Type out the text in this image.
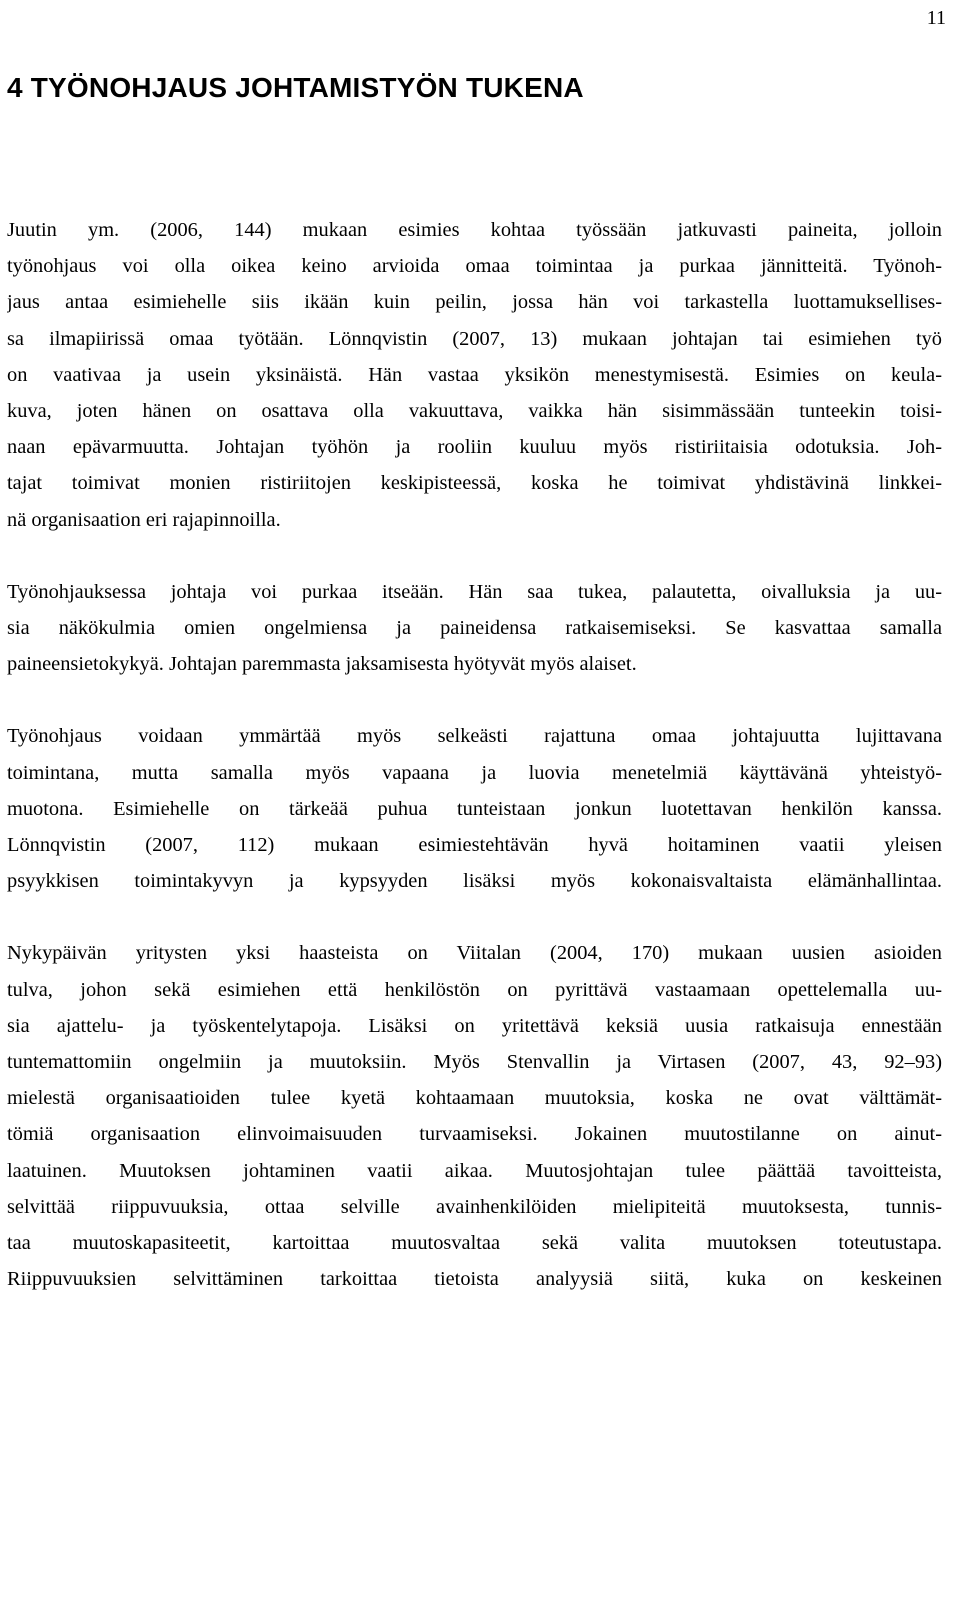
11
4 TYÖNOHJAUS JOHTAMISTYÖN TUKENA

Juutin ym. (2006, 144) mukaan esimies kohtaa työssään jatkuvasti paineita, jolloin
työnohjaus voi olla oikea keino arvioida omaa toimintaa ja purkaa jännitteitä. Työnoh-
jaus antaa esimiehelle siis ikään kuin peilin, jossa hän voi tarkastella luottamuksellises-
sa ilmapiirissä omaa työtään. Lönnqvistin (2007, 13) mukaan johtajan tai esimiehen työ
on vaativaa ja usein yksinäistä. Hän vastaa yksikön menestymisestä. Esimies on keula-
kuva, joten hänen on osattava olla vakuuttava, vaikka hän sisimmässään tunteekin toisi-
naan epävarmuutta. Johtajan työhön ja rooliin kuuluu myös ristiriitaisia odotuksia. Joh-
tajat toimivat monien ristiriitojen keskipisteessä, koska he toimivat yhdistävinä linkkei-
nä organisaation eri rajapinnoilla.

Työnohjauksessa johtaja voi purkaa itseään. Hän saa tukea, palautetta, oivalluksia ja uu-
sia näkökulmia omien ongelmiensa ja paineidensa ratkaisemiseksi. Se kasvattaa samalla
paineensietokykyä. Johtajan paremmasta jaksamisesta hyötyvät myös alaiset.

Työnohjaus voidaan ymmärtää myös selkeästi rajattuna omaa johtajuutta lujittavana
toimintana, mutta samalla myös vapaana ja luovia menetelmiä käyttävänä yhteistyö-
muotona. Esimiehelle on tärkeää puhua tunteistaan jonkun luotettavan henkilön kanssa.
Lönnqvistin (2007, 112) mukaan esimiestehtävän hyvä hoitaminen vaatii yleisen
psyykkisen toimintakyvyn ja kypsyyden lisäksi myös kokonaisvaltaista elämänhallintaa.

Nykypäivän yritysten yksi haasteista on Viitalan (2004, 170) mukaan uusien asioiden
tulva, johon sekä esimiehen että henkilöstön on pyrittävä vastaamaan opettelemalla uu-
sia ajattelu- ja työskentelytapoja. Lisäksi on yritettävä keksiä uusia ratkaisuja ennestään
tuntemattomiin ongelmiin ja muutoksiin. Myös Stenvallin ja Virtasen (2007, 43, 92–93)
mielestä organisaatioiden tulee kyetä kohtaamaan muutoksia, koska ne ovat välttämät-
tömiä organisaation elinvoimaisuuden turvaamiseksi. Jokainen muutostilanne on ainut-
laatuinen. Muutoksen johtaminen vaatii aikaa. Muutosjohtajan tulee päättää tavoitteista,
selvittää riippuvuuksia, ottaa selville avainhenkilöiden mielipiteitä muutoksesta, tunnis-
taa muutoskapasiteetit, kartoittaa muutosvaltaa sekä valita muutoksen toteutustapa.
Riippuvuuksien selvittäminen tarkoittaa tietoista analyysiä siitä, kuka on keskeinen
